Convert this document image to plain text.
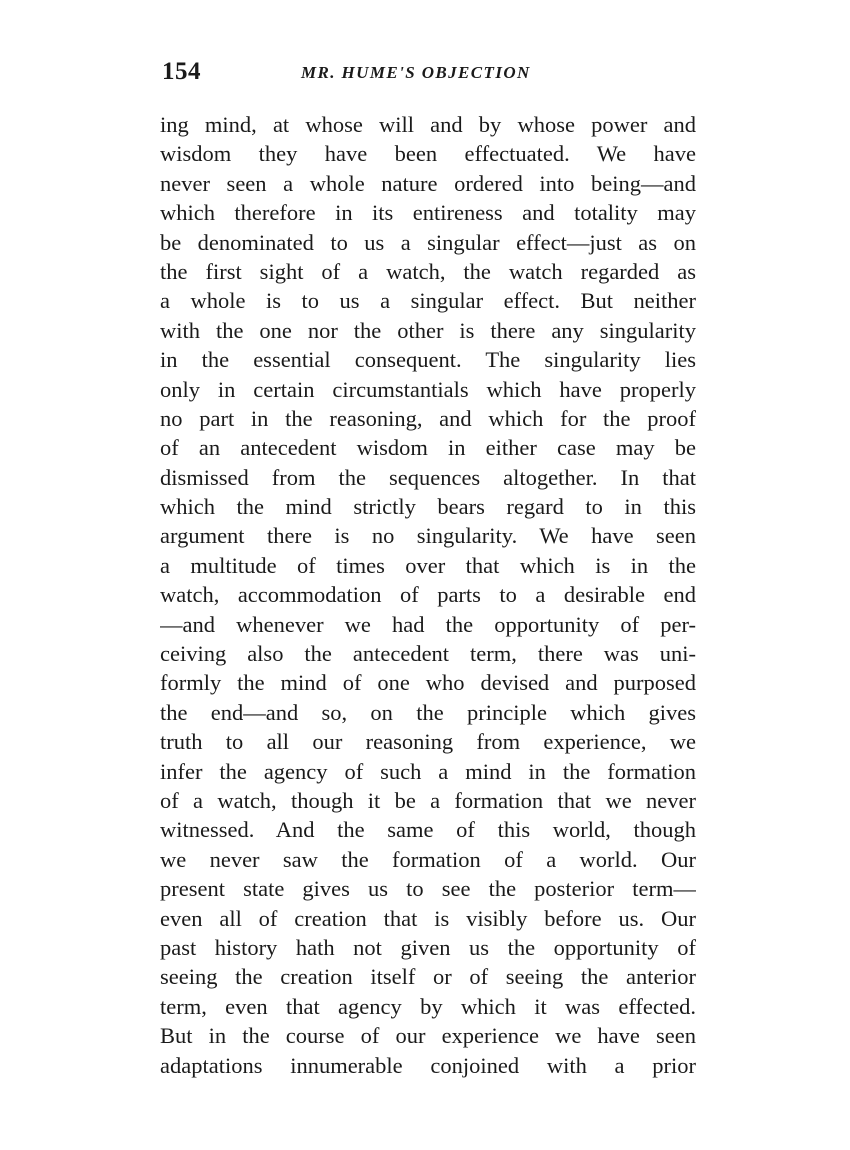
154	MR. HUME'S OBJECTION
ing mind, at whose will and by whose power and
wisdom they have been effectuated. We have
never seen a whole nature ordered into being—and
which therefore in its entireness and totality may
be denominated to us a singular effect—just as on
the first sight of a watch, the watch regarded as
a whole is to us a singular effect. But neither
with the one nor the other is there any singularity
in the essential consequent. The singularity lies
only in certain circumstantials which have properly
no part in the reasoning, and which for the proof
of an antecedent wisdom in either case may be
dismissed from the sequences altogether. In that
which the mind strictly bears regard to in this
argument there is no singularity. We have seen
a multitude of times over that which is in the
watch, accommodation of parts to a desirable end
—and whenever we had the opportunity of per-
ceiving also the antecedent term, there was uni-
formly the mind of one who devised and purposed
the end—and so, on the principle which gives
truth to all our reasoning from experience, we
infer the agency of such a mind in the formation
of a watch, though it be a formation that we never
witnessed. And the same of this world, though
we never saw the formation of a world. Our
present state gives us to see the posterior term—
even all of creation that is visibly before us. Our
past history hath not given us the opportunity of
seeing the creation itself or of seeing the anterior
term, even that agency by which it was effected.
But in the course of our experience we have seen
adaptations innumerable conjoined with a prior
